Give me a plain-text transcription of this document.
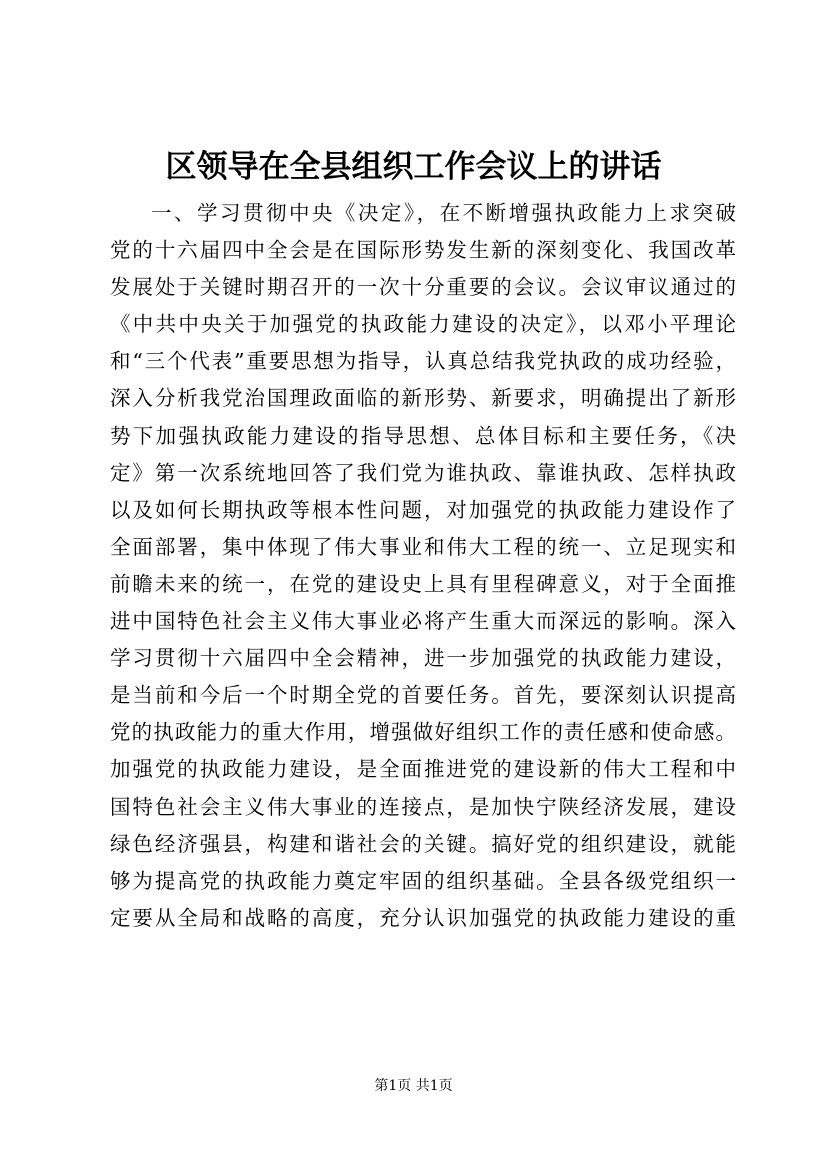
区领导在全县组织工作会议上的讲话
一、学习贯彻中央《决定》，在不断增强执政能力上求突破
党的十六届四中全会是在国际形势发生新的深刻变化、我国改革
发展处于关键时期召开的一次十分重要的会议。会议审议通过的
《中共中央关于加强党的执政能力建设的决定》，以邓小平理论
和“三个代表”重要思想为指导，认真总结我党执政的成功经验，
深入分析我党治国理政面临的新形势、新要求，明确提出了新形
势下加强执政能力建设的指导思想、总体目标和主要任务，《决
定》第一次系统地回答了我们党为谁执政、靠谁执政、怎样执政
以及如何长期执政等根本性问题，对加强党的执政能力建设作了
全面部署，集中体现了伟大事业和伟大工程的统一、立足现实和
前瞻未来的统一，在党的建设史上具有里程碑意义，对于全面推
进中国特色社会主义伟大事业必将产生重大而深远的影响。深入
学习贯彻十六届四中全会精神，进一步加强党的执政能力建设，
是当前和今后一个时期全党的首要任务。首先，要深刻认识提高
党的执政能力的重大作用，增强做好组织工作的责任感和使命感。
加强党的执政能力建设，是全面推进党的建设新的伟大工程和中
国特色社会主义伟大事业的连接点，是加快宁陕经济发展，建设
绿色经济强县，构建和谐社会的关键。搞好党的组织建设，就能
够为提高党的执政能力奠定牢固的组织基础。全县各级党组织一
定要从全局和战略的高度，充分认识加强党的执政能力建设的重
第1页 共1页
